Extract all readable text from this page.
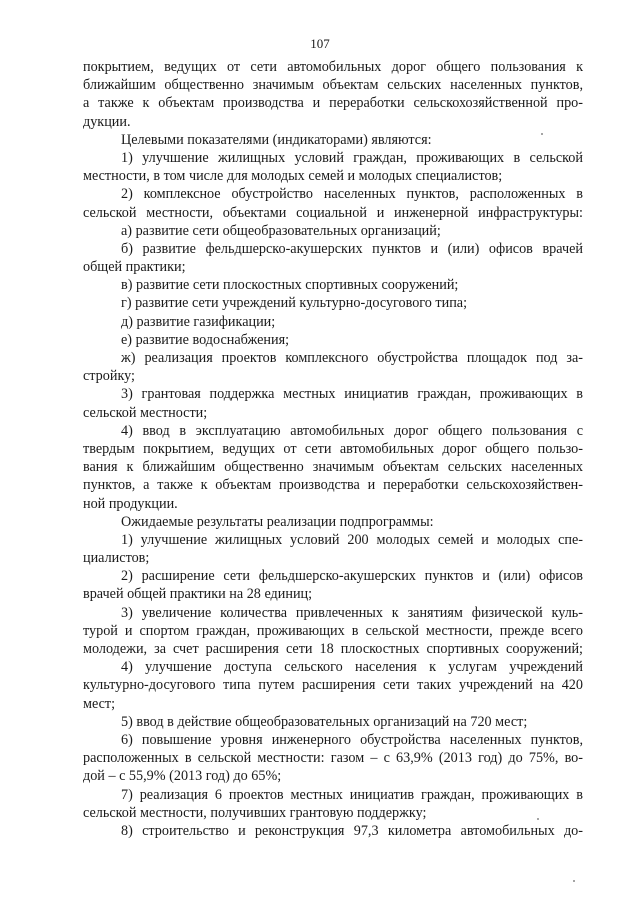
107
покрытием, ведущих от сети автомобильных дорог общего пользования к
ближайшим общественно значимым объектам сельских населенных пунктов,
а также к объектам производства и переработки сельскохозяйственной про-
дукции.
Целевыми показателями (индикаторами) являются:
1) улучшение жилищных условий граждан, проживающих в сельской
местности, в том числе для молодых семей и молодых специалистов;
2) комплексное обустройство населенных пунктов, расположенных в
сельской местности, объектами социальной и инженерной инфраструктуры:
а) развитие сети общеобразовательных организаций;
б) развитие фельдшерско-акушерских пунктов и (или) офисов врачей
общей практики;
в) развитие сети плоскостных спортивных сооружений;
г) развитие сети учреждений культурно-досугового типа;
д) развитие газификации;
е) развитие водоснабжения;
ж) реализация проектов комплексного обустройства площадок под за-
стройку;
3) грантовая поддержка местных инициатив граждан, проживающих в
сельской местности;
4) ввод в эксплуатацию автомобильных дорог общего пользования с
твердым покрытием, ведущих от сети автомобильных дорог общего пользо-
вания к ближайшим общественно значимым объектам сельских населенных
пунктов, а также к объектам производства и переработки сельскохозяйствен-
ной продукции.
Ожидаемые результаты реализации подпрограммы:
1) улучшение жилищных условий 200 молодых семей и молодых спе-
циалистов;
2) расширение сети фельдшерско-акушерских пунктов и (или) офисов
врачей общей практики на 28 единиц;
3) увеличение количества привлеченных к занятиям физической куль-
турой и спортом граждан, проживающих в сельской местности, прежде всего
молодежи, за счет расширения сети 18 плоскостных спортивных сооружений;
4) улучшение доступа сельского населения к услугам учреждений
культурно-досугового типа путем расширения сети таких учреждений на 420
мест;
5) ввод в действие общеобразовательных организаций на 720 мест;
6) повышение уровня инженерного обустройства населенных пунктов,
расположенных в сельской местности: газом – с 63,9% (2013 год) до 75%, во-
дой – с 55,9% (2013 год) до 65%;
7) реализация 6 проектов местных инициатив граждан, проживающих в
сельской местности, получивших грантовую поддержку;
8) строительство и реконструкция 97,3 километра автомобильных до-
